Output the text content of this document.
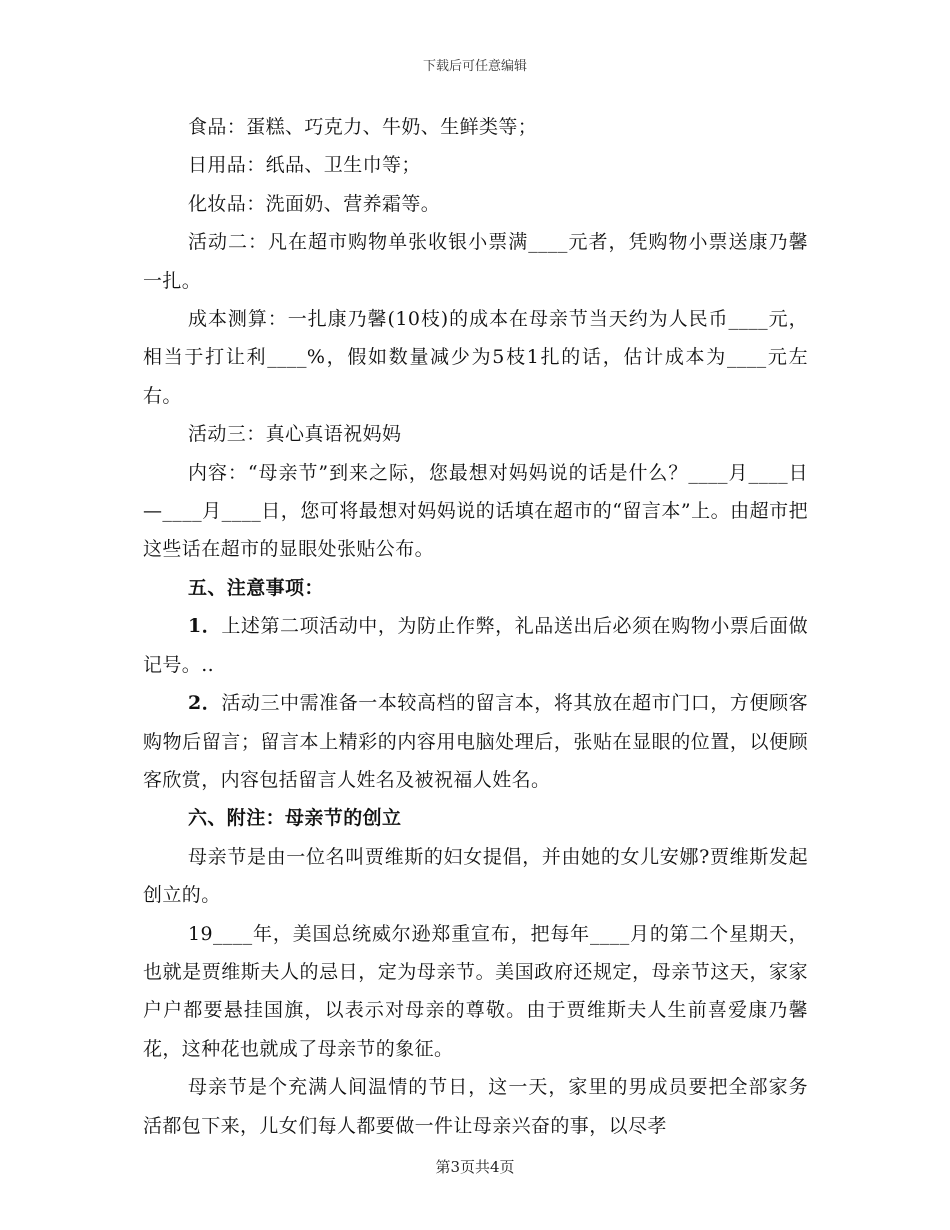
下载后可任意编辑

食品：蛋糕、巧克力、牛奶、生鲜类等；

日用品：纸品、卫生巾等；

化妆品：洗面奶、营养霜等。

活动二：凡在超市购物单张收银小票满____元者，凭购物小票送康乃馨一扎。

成本测算：一扎康乃馨(10枝)的成本在母亲节当天约为人民币____元，相当于打让利____%，假如数量减少为5枝1扎的话，估计成本为____元左右。

活动三：真心真语祝妈妈

内容：“母亲节”到来之际，您最想对妈妈说的话是什么？____月____日—____月____日，您可将最想对妈妈说的话填在超市的“留言本”上。由超市把这些话在超市的显眼处张贴公布。

五、注意事项：

1．上述第二项活动中，为防止作弊，礼品送出后必须在购物小票后面做记号。..

2．活动三中需准备一本较高档的留言本，将其放在超市门口，方便顾客购物后留言；留言本上精彩的内容用电脑处理后，张贴在显眼的位置，以便顾客欣赏，内容包括留言人姓名及被祝福人姓名。

六、附注：母亲节的创立

母亲节是由一位名叫贾维斯的妇女提倡，并由她的女儿安娜?贾维斯发起创立的。

19____年，美国总统威尔逊郑重宣布，把每年____月的第二个星期天，也就是贾维斯夫人的忌日，定为母亲节。美国政府还规定，母亲节这天，家家户户都要悬挂国旗，以表示对母亲的尊敬。由于贾维斯夫人生前喜爱康乃馨花，这种花也就成了母亲节的象征。

母亲节是个充满人间温情的节日，这一天，家里的男成员要把全部家务活都包下来，儿女们每人都要做一件让母亲兴奋的事，以尽孝

第3页共4页
